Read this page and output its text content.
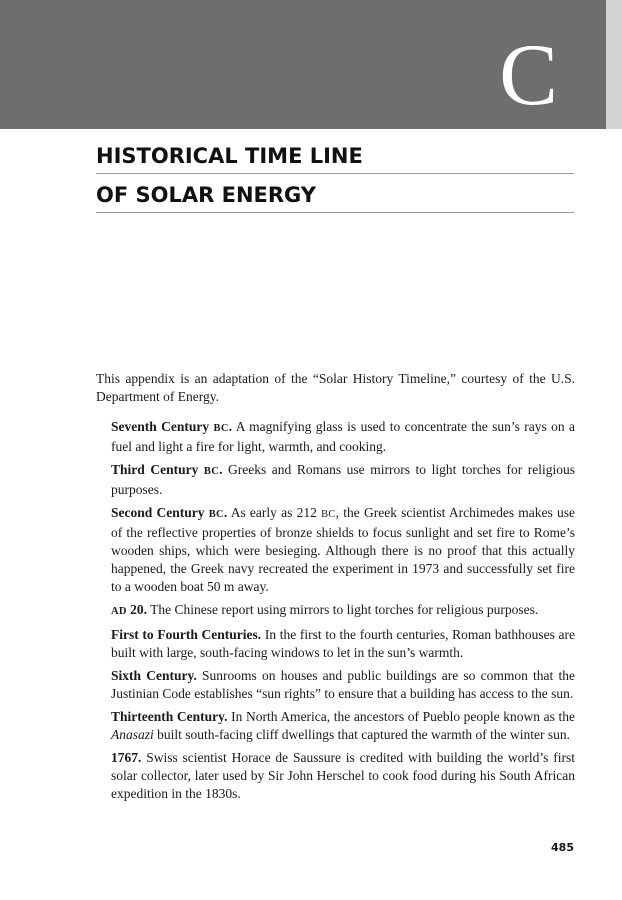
C
HISTORICAL TIME LINE
OF SOLAR ENERGY

This appendix is an adaptation of the “Solar History Timeline,” courtesy of the U.S. Department of Energy.

Seventh Century BC. A magnifying glass is used to concentrate the sun’s rays on a fuel and light a fire for light, warmth, and cooking.

Third Century BC. Greeks and Romans use mirrors to light torches for religious purposes.

Second Century BC. As early as 212 BC, the Greek scientist Archimedes makes use of the reflective properties of bronze shields to focus sunlight and set fire to Rome’s wooden ships, which were besieging. Although there is no proof that this actually happened, the Greek navy recreated the experiment in 1973 and successfully set fire to a wooden boat 50 m away.

AD 20. The Chinese report using mirrors to light torches for religious purposes.

First to Fourth Centuries. In the first to the fourth centuries, Roman bathhouses are built with large, south-facing windows to let in the sun’s warmth.

Sixth Century. Sunrooms on houses and public buildings are so common that the Justinian Code establishes “sun rights” to ensure that a building has access to the sun.

Thirteenth Century. In North America, the ancestors of Pueblo people known as the Anasazi built south-facing cliff dwellings that captured the warmth of the winter sun.

1767. Swiss scientist Horace de Saussure is credited with building the world’s first solar collector, later used by Sir John Herschel to cook food during his South African expedition in the 1830s.

485
